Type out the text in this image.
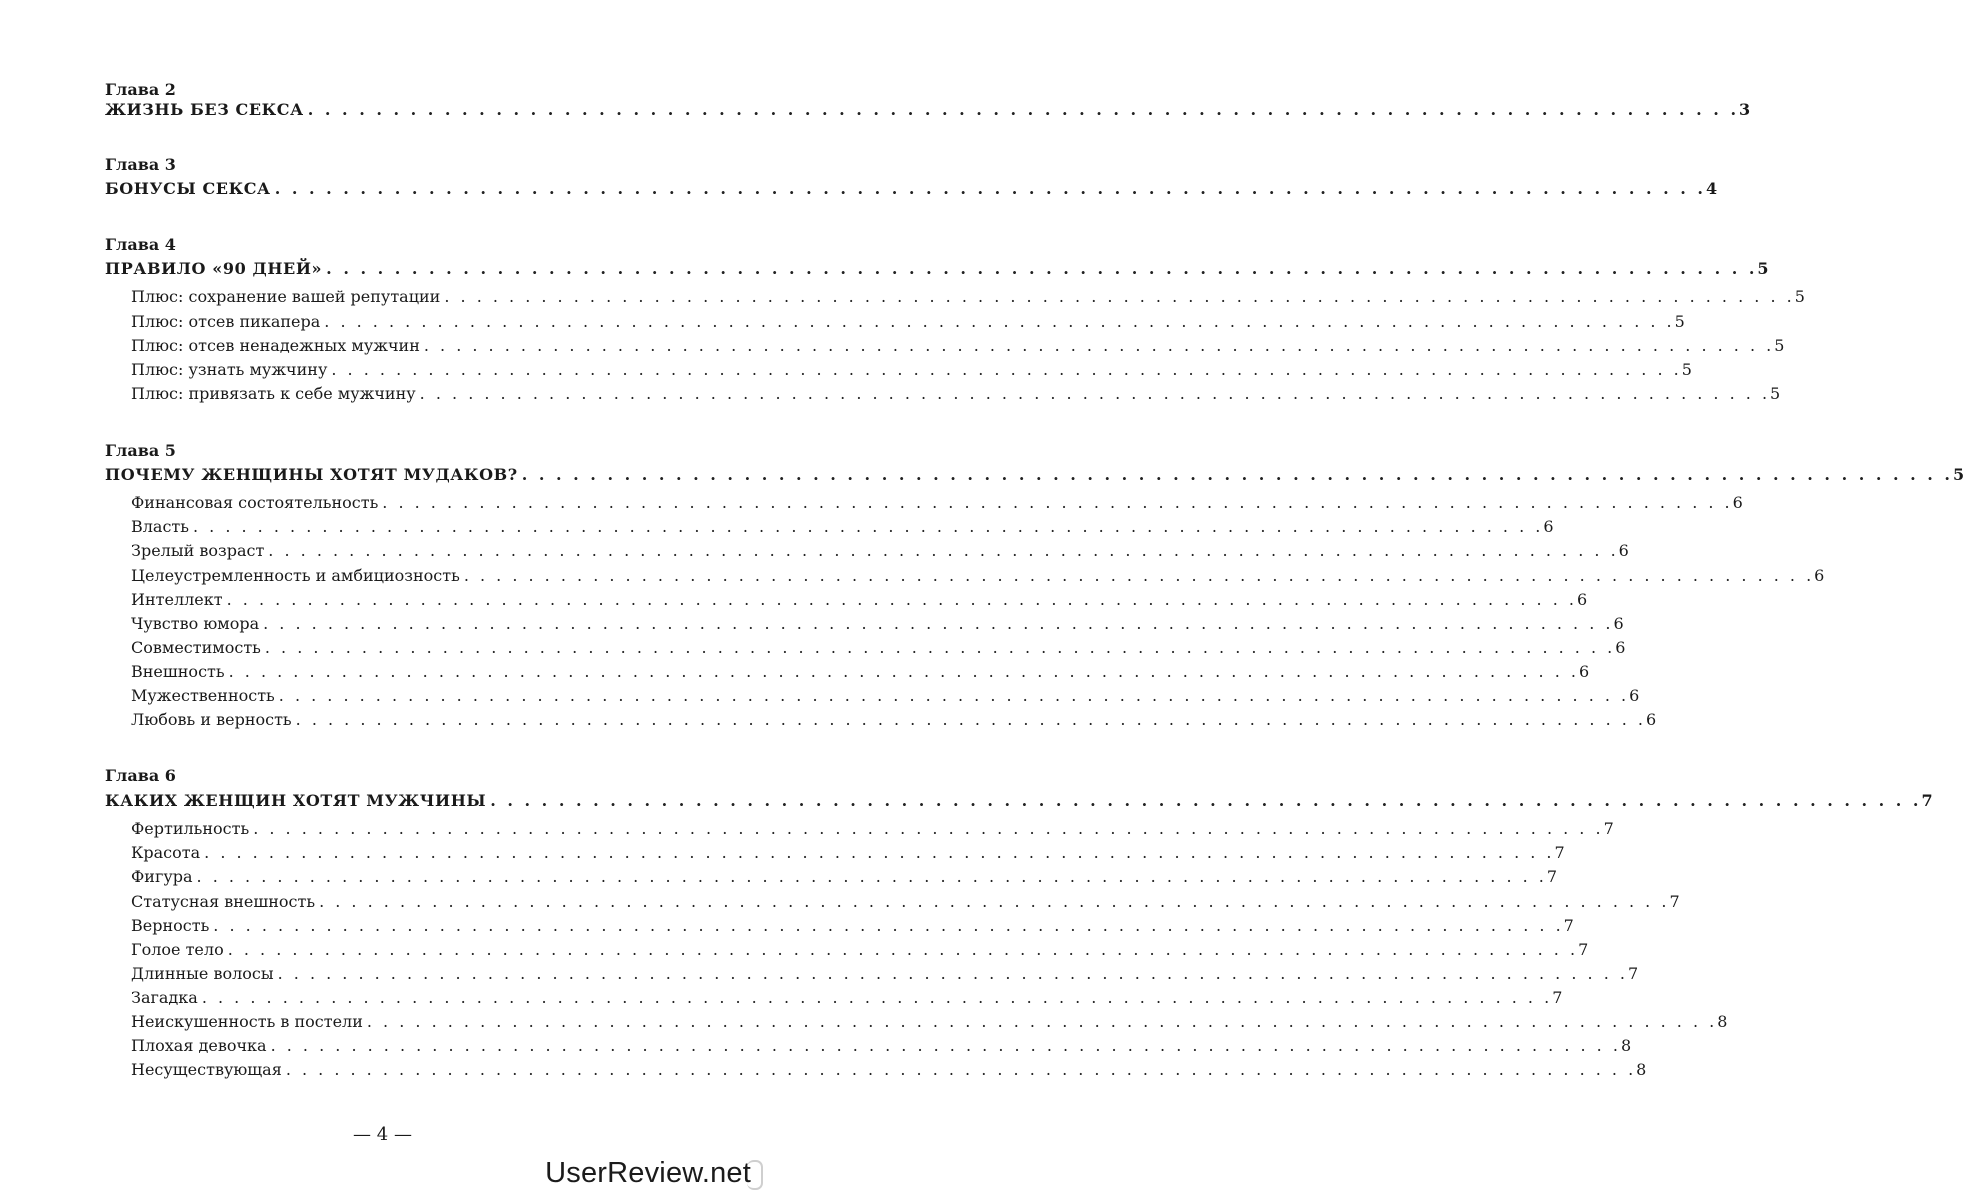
Глава 2
ЖИЗНЬ БЕЗ СЕКСА . . .	3
Глава 3
БОНУСЫ СЕКСА . . .	4
Глава 4
ПРАВИЛО «90 ДНЕЙ» . . .	5
Плюс: сохранение вашей репутации . . .	5
Плюс: отсев пикапера . . .	5
Плюс: отсев ненадежных мужчин . . .	5
Плюс: узнать мужчину . . .	5
Плюс: привязать к себе мужчину . . .	5
Глава 5
ПОЧЕМУ ЖЕНЩИНЫ ХОТЯТ МУДАКОВ? . . .	5
Финансовая состоятельность . . .	6
Власть . . .	6
Зрелый возраст . . .	6
Целеустремленность и амбициозность . . .	6
Интеллект . . .	6
Чувство юмора . . .	6
Совместимость . . .	6
Внешность . . .	6
Мужественность . . .	6
Любовь и верность . . .	6
Глава 6
КАКИХ ЖЕНЩИН ХОТЯТ МУЖЧИНЫ . . .	7
Фертильность . . .	7
Красота . . .	7
Фигура . . .	7
Статусная внешность . . .	7
Верность . . .	7
Голое тело . . .	7
Длинные волосы . . .	7
Загадка . . .	7
Неискушенность в постели . . .	8
Плохая девочка . . .	8
Несуществующая . . .	8
— 4 —
UserReview.net
